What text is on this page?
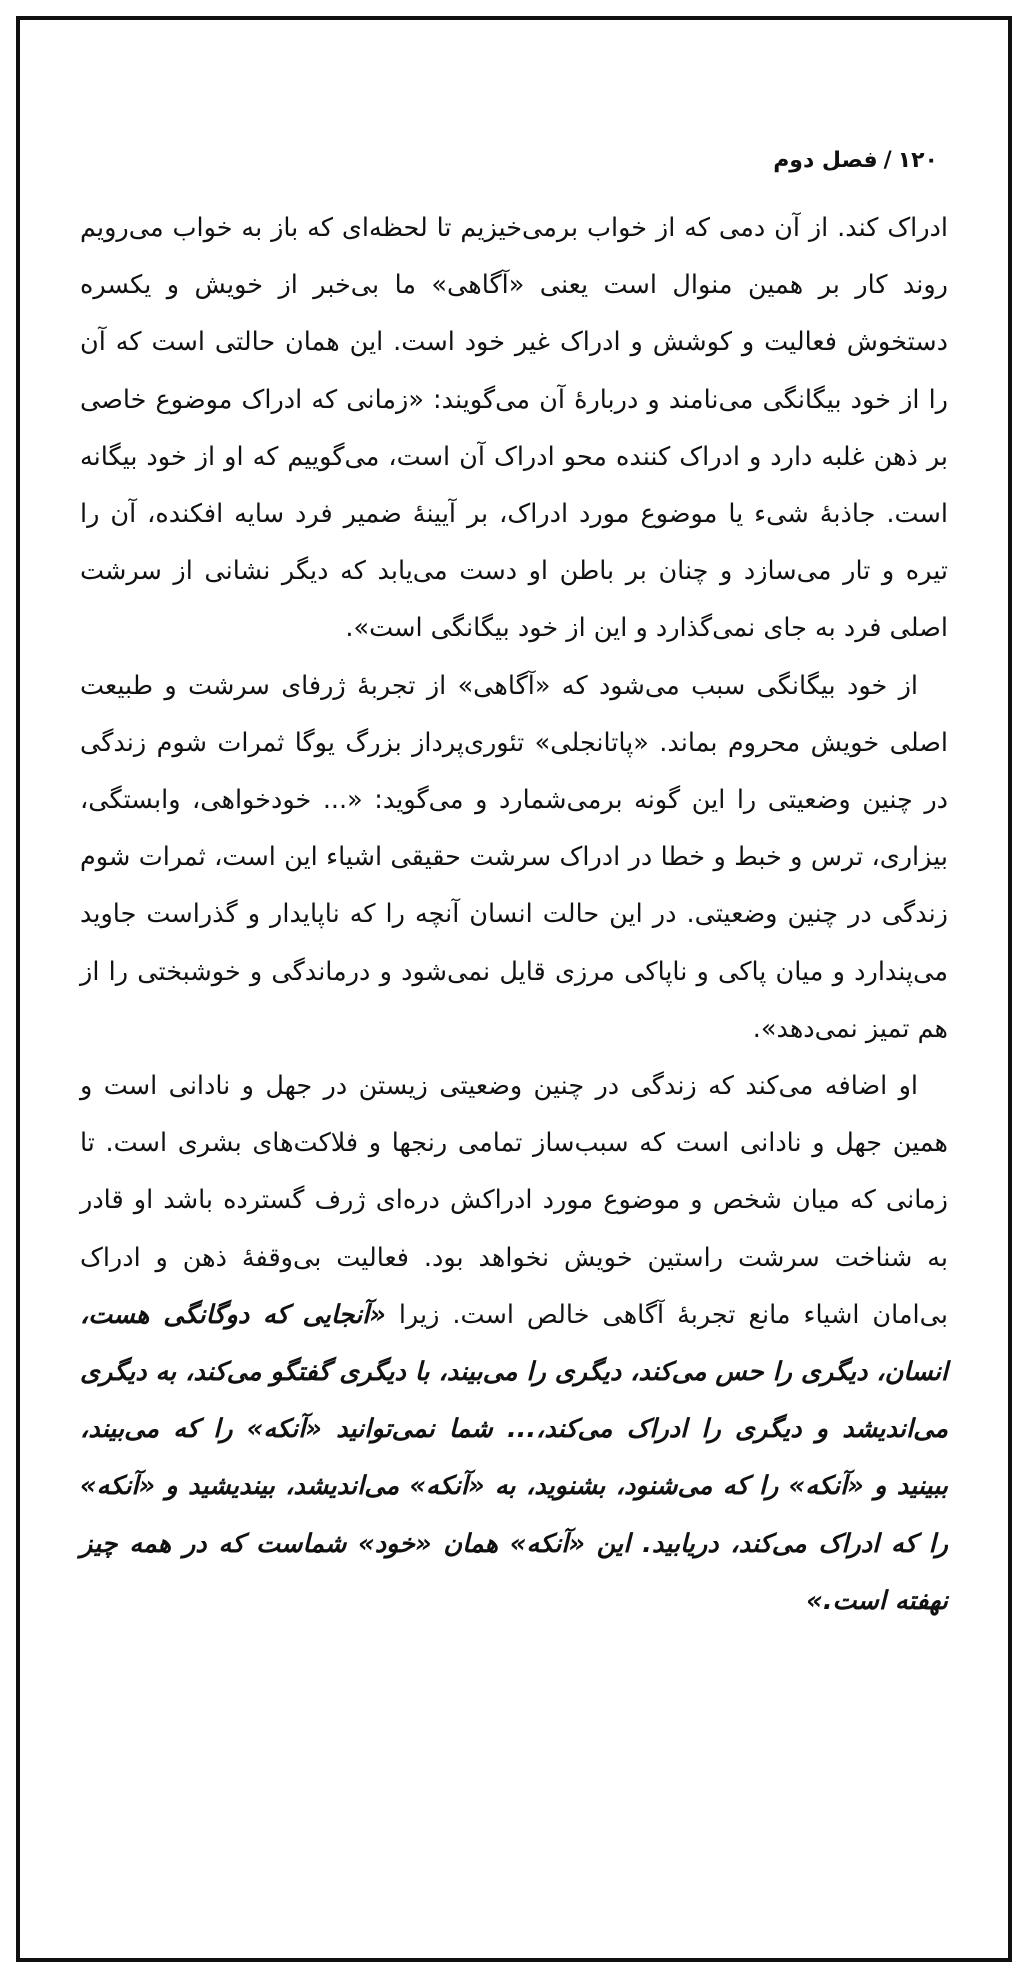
۱۲۰/فصل دوم

ادراک کند. از آن دمی که از خواب برمی‌خیزیم تا لحظه‌ای که باز به خواب می‌رویم روند کار بر همین منوال است یعنی «آگاهی» ما بی‌خبر از خویش و یکسره دستخوش فعالیت و کوشش و ادراک غیر خود است. این همان حالتی است که آن را از خود بیگانگی می‌نامند و دربارهٔ آن می‌گویند: «زمانی که ادراک موضوع خاصی بر ذهن غلبه دارد و ادراک کننده محو ادراک آن است، می‌گوییم که او از خود بیگانه است. جاذبهٔ شیء یا موضوع مورد ادراک، بر آیینهٔ ضمیر فرد سایه افکنده، آن را تیره و تار می‌سازد و چنان بر باطن او دست می‌یابد که دیگر نشانی از سرشت اصلی فرد به جای نمی‌گذارد و این از خود بیگانگی است».

از خود بیگانگی سبب می‌شود که «آگاهی» از تجربهٔ ژرفای سرشت و طبیعت اصلی خویش محروم بماند. «پاتانجلی» تئوری‌پرداز بزرگ یوگا ثمرات شوم زندگی در چنین وضعیتی را این گونه برمی‌شمارد و می‌گوید: «... خودخواهی، وابستگی، بیزاری، ترس و خبط و خطا در ادراک سرشت حقیقی اشیاء این است، ثمرات شوم زندگی در چنین وضعیتی. در این حالت انسان آنچه را که ناپایدار و گذراست جاوید می‌پندارد و میان پاکی و ناپاکی مرزی قایل نمی‌شود و درماندگی و خوشبختی را از هم تمیز نمی‌دهد».

او اضافه می‌کند که زندگی در چنین وضعیتی زیستن در جهل و نادانی است و همین جهل و نادانی است که سبب‌ساز تمامی رنجها و فلاکت‌های بشری است. تا زمانی که میان شخص و موضوع مورد ادراکش دره‌ای ژرف گسترده باشد او قادر به شناخت سرشت راستین خویش نخواهد بود. فعالیت بی‌وقفهٔ ذهن و ادراک بی‌امان اشیاء مانع تجربهٔ آگاهی خالص است. زیرا «آنجایی که دوگانگی هست، انسان، دیگری را حس می‌کند، دیگری را می‌بیند، با دیگری گفتگو می‌کند، به دیگری می‌اندیشد و دیگری را ادراک می‌کند،... شما نمی‌توانید «آنکه» را که می‌بیند، ببینید و «آنکه» را که می‌شنود، بشنوید، به «آنکه» می‌اندیشد، بیندیشید و «آنکه» را که ادراک می‌کند، دریابید. این «آنکه» همان «خود» شماست که در همه چیز نهفته است.»
